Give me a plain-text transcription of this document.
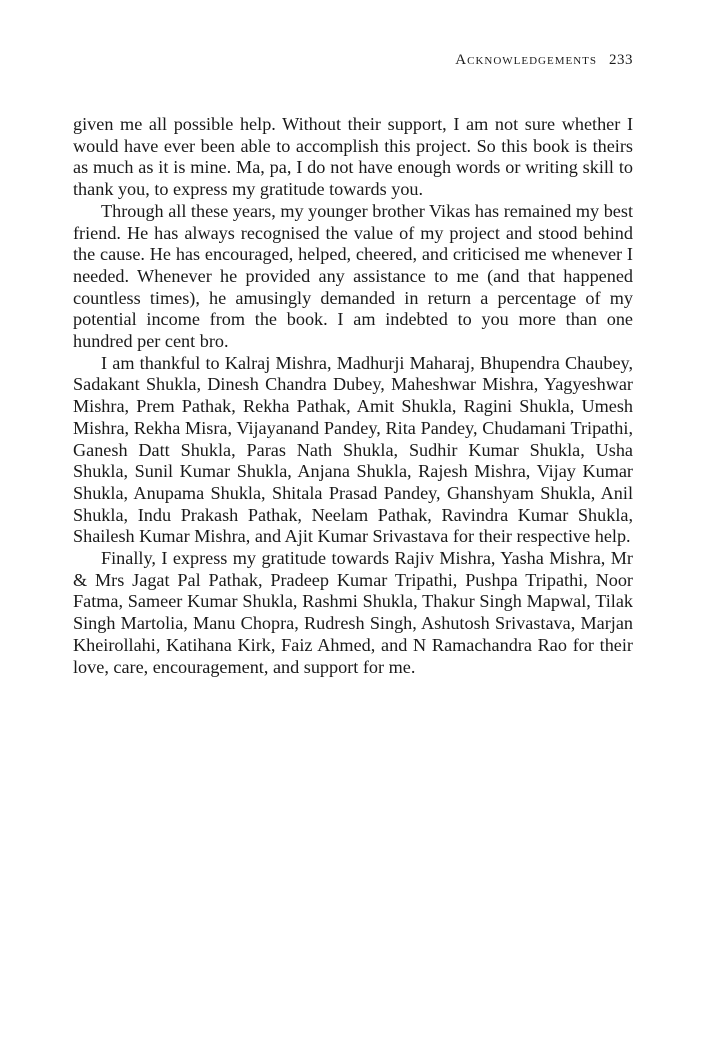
Acknowledgements 233

given me all possible help. Without their support, I am not sure whether I would have ever been able to accomplish this project. So this book is theirs as much as it is mine. Ma, pa, I do not have enough words or writing skill to thank you, to express my gratitude towards you.

Through all these years, my younger brother Vikas has remained my best friend. He has always recognised the value of my project and stood behind the cause. He has encouraged, helped, cheered, and criticised me whenever I needed. Whenever he provided any assistance to me (and that happened countless times), he amusingly demanded in return a percentage of my potential income from the book. I am indebted to you more than one hundred per cent bro.

I am thankful to Kalraj Mishra, Madhurji Maharaj, Bhupendra Chaubey, Sadakant Shukla, Dinesh Chandra Dubey, Maheshwar Mishra, Yagyeshwar Mishra, Prem Pathak, Rekha Pathak, Amit Shukla, Ragini Shukla, Umesh Mishra, Rekha Misra, Vijayanand Pandey, Rita Pandey, Chudamani Tripathi, Ganesh Datt Shukla, Paras Nath Shukla, Sudhir Kumar Shukla, Usha Shukla, Sunil Kumar Shukla, Anjana Shukla, Rajesh Mishra, Vijay Kumar Shukla, Anupama Shukla, Shitala Prasad Pandey, Ghanshyam Shukla, Anil Shukla, Indu Prakash Pathak, Neelam Pathak, Ravindra Kumar Shukla, Shailesh Kumar Mishra, and Ajit Kumar Srivastava for their respective help.

Finally, I express my gratitude towards Rajiv Mishra, Yasha Mishra, Mr & Mrs Jagat Pal Pathak, Pradeep Kumar Tripathi, Pushpa Tripathi, Noor Fatma, Sameer Kumar Shukla, Rashmi Shukla, Thakur Singh Mapwal, Tilak Singh Martolia, Manu Chopra, Rudresh Singh, Ashutosh Srivastava, Marjan Kheirollahi, Katihana Kirk, Faiz Ahmed, and N Ramachandra Rao for their love, care, encouragement, and support for me.
